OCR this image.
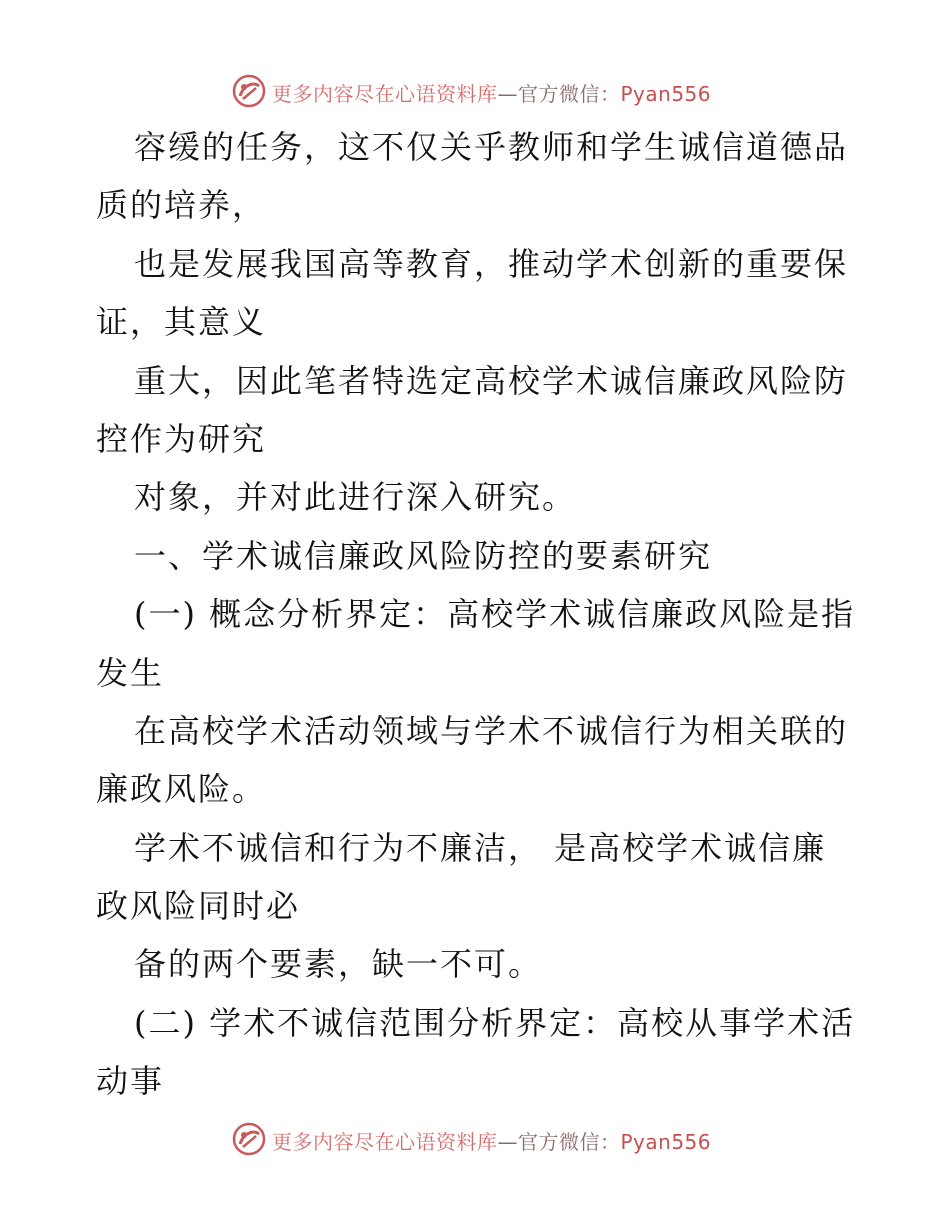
更多内容尽在心语资料库—官方微信：Pyan556
容缓的任务，这不仅关乎教师和学生诚信道德品
质的培养，
也是发展我国高等教育，推动学术创新的重要保
证，其意义
重大，因此笔者特选定高校学术诚信廉政风险防
控作为研究
对象，并对此进行深入研究。
一、学术诚信廉政风险防控的要素研究
(一) 概念分析界定：高校学术诚信廉政风险是指
发生
在高校学术活动领域与学术不诚信行为相关联的
廉政风险。
学术不诚信和行为不廉洁， 是高校学术诚信廉
政风险同时必
备的两个要素，缺一不可。
(二) 学术不诚信范围分析界定：高校从事学术活
动事
更多内容尽在心语资料库—官方微信：Pyan556
